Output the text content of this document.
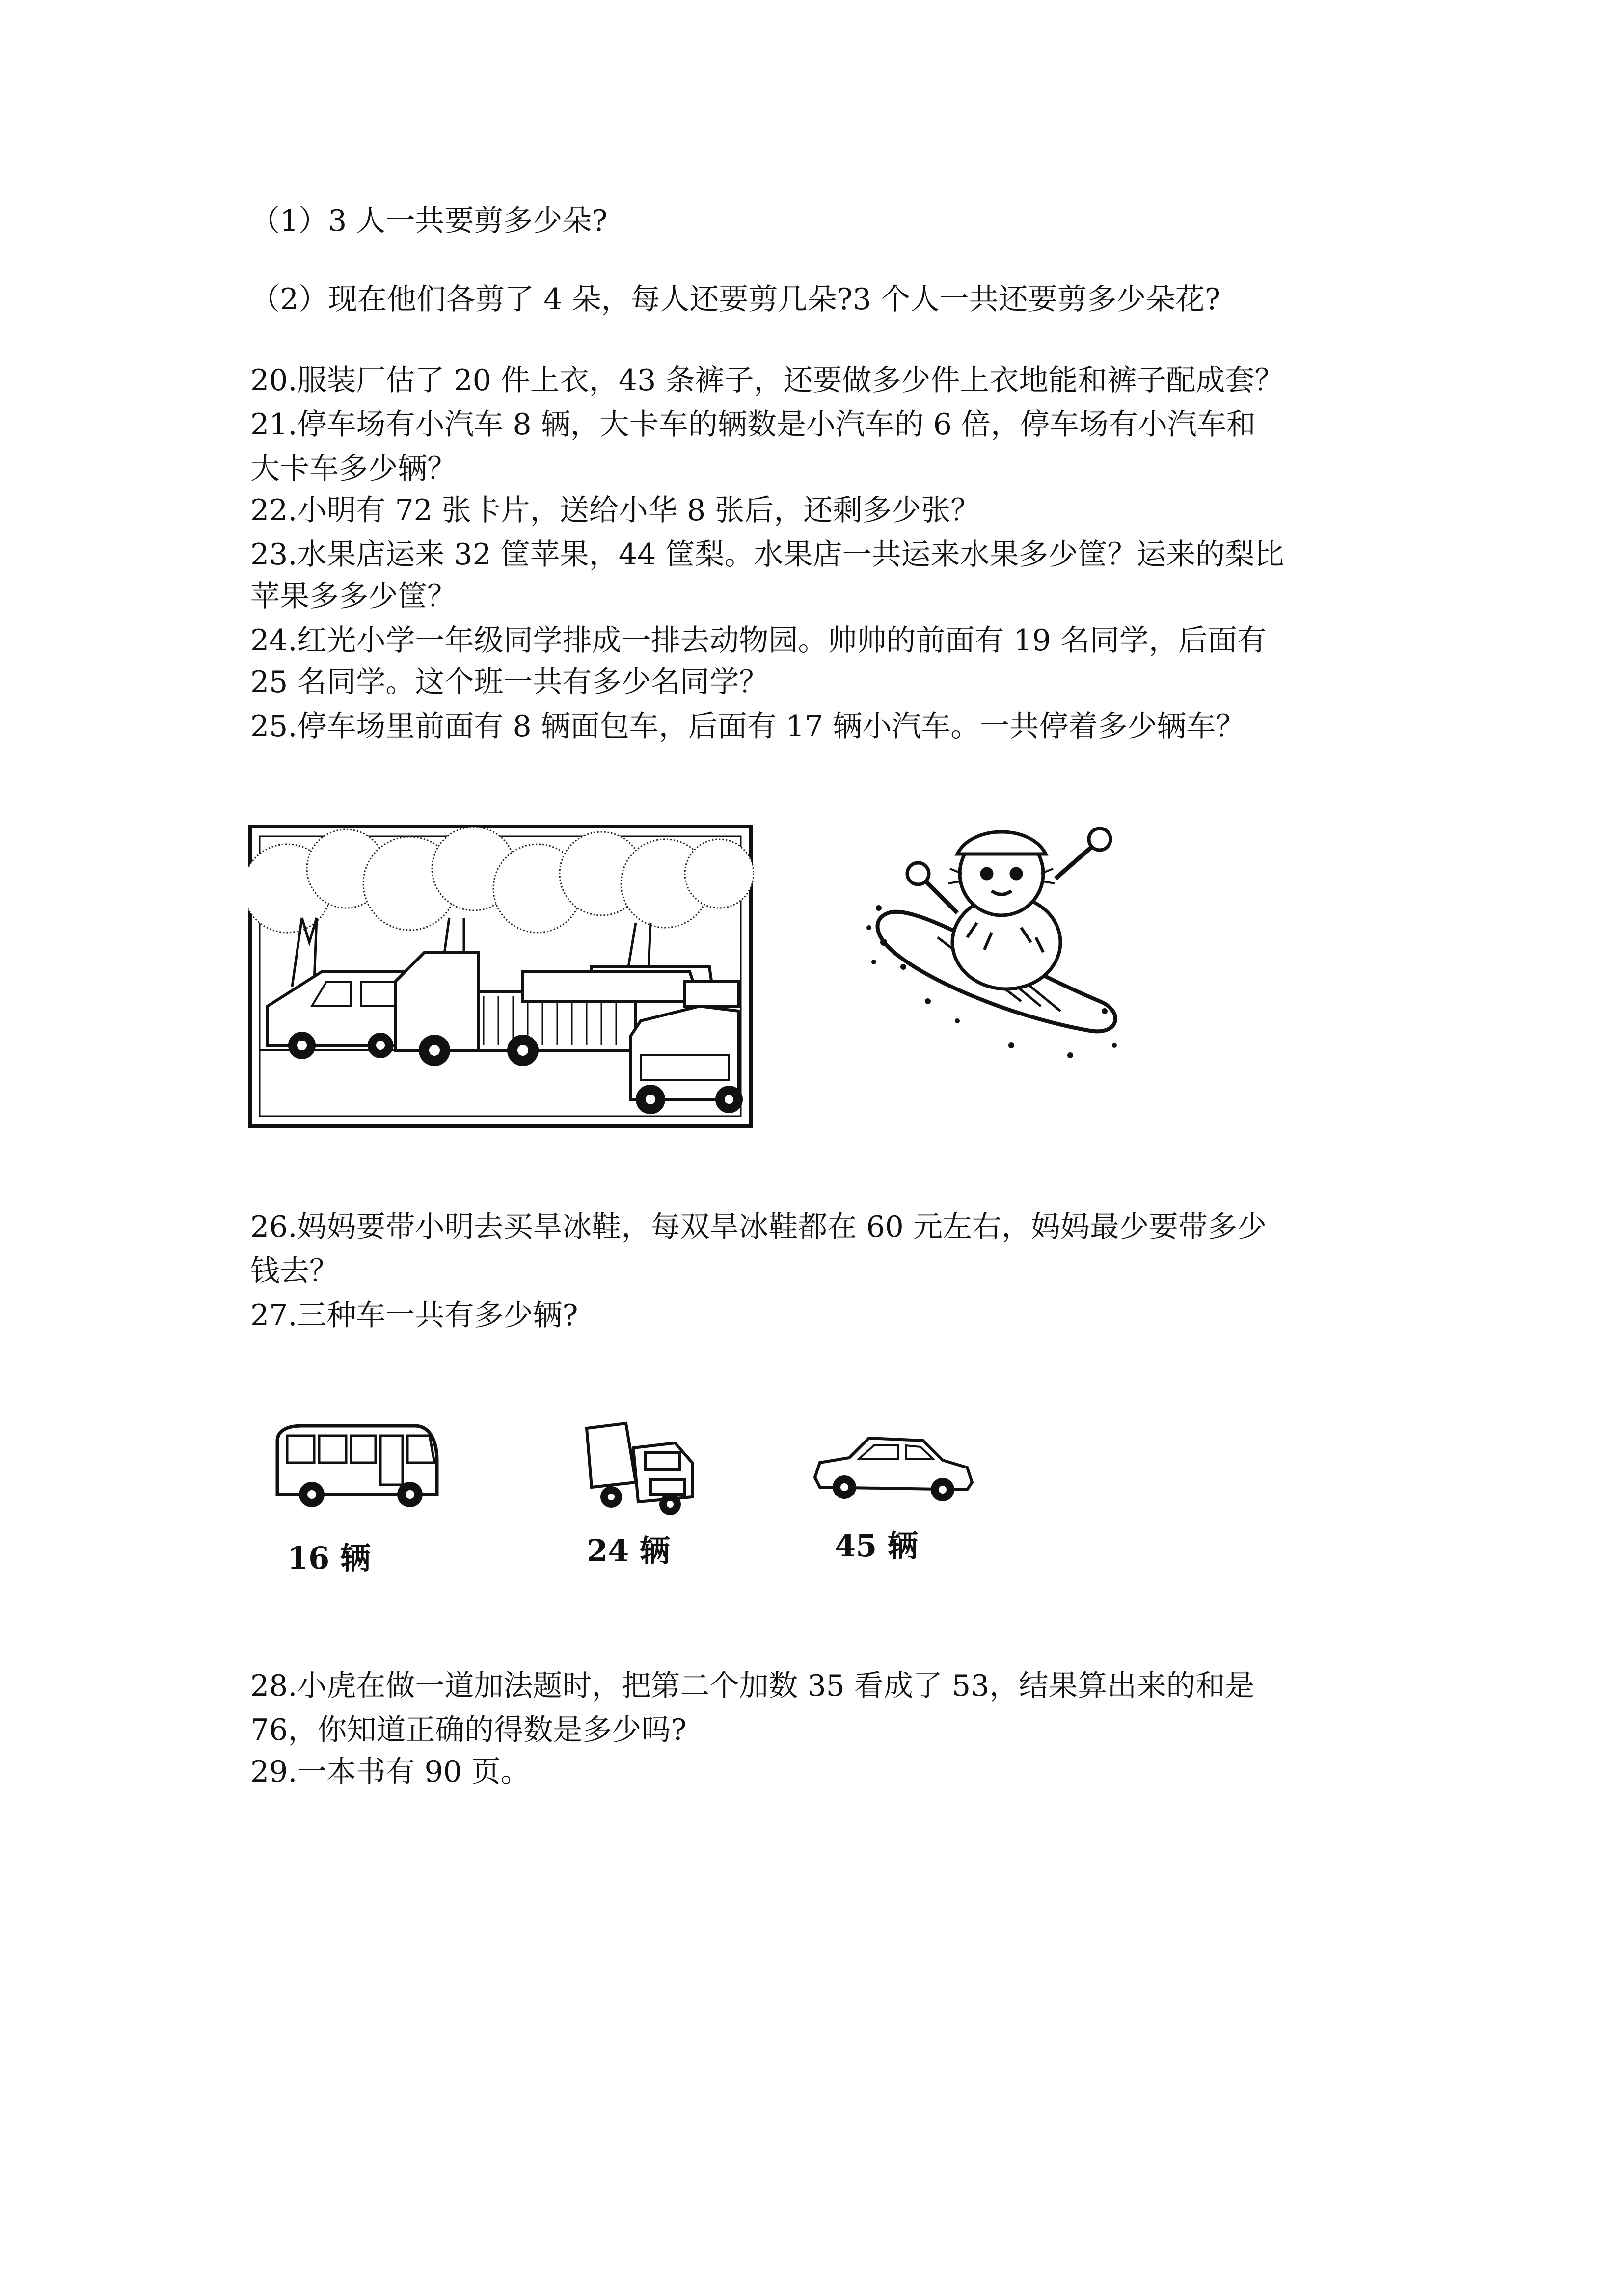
（1）3 人一共要剪多少朵?
（2）现在他们各剪了 4 朵，每人还要剪几朵?3 个人一共还要剪多少朵花?
20.服装厂估了 20 件上衣，43 条裤子，还要做多少件上衣地能和裤子配成套？
21.停车场有小汽车 8 辆，大卡车的辆数是小汽车的 6 倍，停车场有小汽车和
大卡车多少辆？
22.小明有 72 张卡片，送给小华 8 张后，还剩多少张？
23.水果店运来 32 筐苹果，44 筐梨。水果店一共运来水果多少筐？运来的梨比
苹果多多少筐？
24.红光小学一年级同学排成一排去动物园。帅帅的前面有 19 名同学，后面有
25 名同学。这个班一共有多少名同学？
25.停车场里前面有 8 辆面包车，后面有 17 辆小汽车。一共停着多少辆车？
26.妈妈要带小明去买旱冰鞋，每双旱冰鞋都在 60 元左右，妈妈最少要带多少
钱去？
27.三种车一共有多少辆?
16 辆	24 辆	45 辆
28.小虎在做一道加法题时，把第二个加数 35 看成了 53，结果算出来的和是
76，你知道正确的得数是多少吗?
29.一本书有 90 页。
